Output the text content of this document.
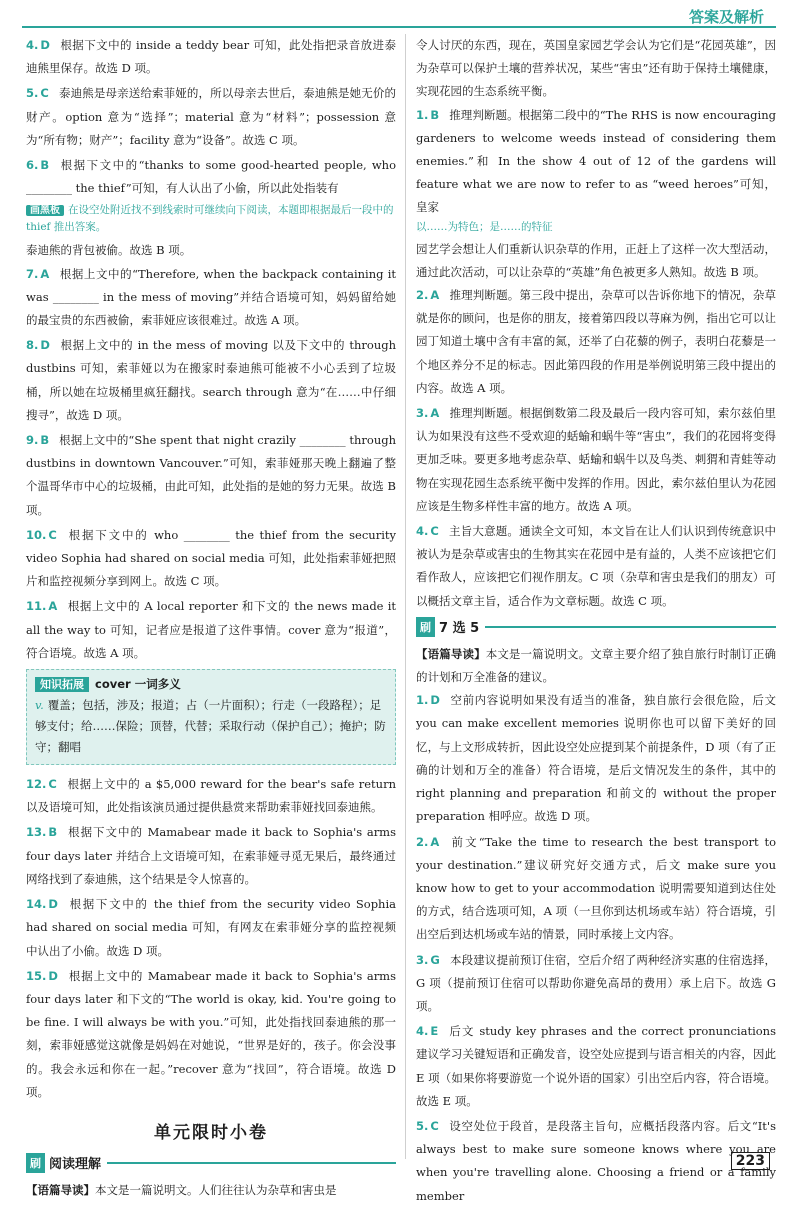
答案及解析
4. D 根据下文中的 inside a teddy bear 可知，此处指把录音放进泰迪熊里保存。故选 D 项。
5. C 泰迪熊是母亲送给索菲娅的，所以母亲去世后，泰迪熊是她无价的财产。option 意为“选择”；material 意为“材料”；possession 意为“所有物；财产”；facility 意为“设备”。故选 C 项。
6. B 根据下文中的“thanks to some good-hearted people, who ________ the thief”可知，有人认出了小偷，所以此处指装有
画黑板 在设空处附近找不到线索时可继续向下阅读，本题即根据最后一段中的 thief 推出答案。
泰迪熊的背包被偷。故选 B 项。
7. A 根据上文中的“Therefore, when the backpack containing it was ________ in the mess of moving”并结合语境可知，妈妈留给她的最宝贵的东西被偷，索菲娅应该很难过。故选 A 项。
8. D 根据上文中的 in the mess of moving 以及下文中的 through dustbins 可知，索菲娅以为在搬家时泰迪熊可能被不小心丢到了垃圾桶，所以她在垃圾桶里疯狂翻找。search through 意为“在……中仔细搜寻”，故选 D 项。
9. B 根据上文中的“She spent that night crazily ________ through dustbins in downtown Vancouver.”可知，索菲娅那天晚上翻遍了整个温哥华市中心的垃圾桶，由此可知，此处指的是她的努力无果。故选 B 项。
10. C 根据下文中的 who ________ the thief from the security video Sophia had shared on social media 可知，此处指索菲娅把照片和监控视频分享到网上。故选 C 项。
11. A 根据上文中的 A local reporter 和下文的 the news made it all the way to 可知，记者应是报道了这件事情。cover 意为“报道”，符合语境。故选 A 项。
知识拓展 cover 一词多义
v. 覆盖；包括，涉及；报道；占（一片面积）；行走（一段路程）；足够支付；给……保险；顶替，代替；采取行动（保护自己）；掩护；防守；翻唱
12. C 根据上文中的 a $5,000 reward for the bear's safe return 以及语境可知，此处指该演员通过提供悬赏来帮助索菲娅找回泰迪熊。
13. B 根据下文中的 Mamabear made it back to Sophia's arms four days later 并结合上文语境可知，在索菲娅寻觅无果后，最终通过网络找到了泰迪熊，这个结果是令人惊喜的。
14. D 根据下文中的 the thief from the security video Sophia had shared on social media 可知，有网友在索菲娅分享的监控视频中认出了小偷。故选 D 项。
15. D 根据上文中的 Mamabear made it back to Sophia's arms four days later 和下文的“The world is okay, kid. You're going to be fine. I will always be with you.”可知，此处指找回泰迪熊的那一刻，索菲娅感觉这就像是妈妈在对她说，“世界是好的，孩子。你会没事的。我会永远和你在一起。”recover 意为“找回”，符合语境。故选 D 项。
单元限时小卷
刷 阅读理解
【语篇导读】本文是一篇说明文。人们往往认为杂草和害虫是
令人讨厌的东西，现在，英国皇家园艺学会认为它们是“花园英雄”，因为杂草可以保护土壤的营养状况，某些“害虫”还有助于保持土壤健康，实现花园的生态系统平衡。
1. B 推理判断题。根据第二段中的“The RHS is now encouraging gardeners to welcome weeds instead of considering them enemies.”和 In the show 4 out of 12 of the gardens will feature what we are now to refer to as “weed heroes”可知，皇家
以……为特色；是……的特征
园艺学会想让人们重新认识杂草的作用，正赶上了这样一次大型活动，通过此次活动，可以让杂草的“英雄”角色被更多人熟知。故选 B 项。
2. A 推理判断题。第三段中提出，杂草可以告诉你地下的情况，杂草就是你的顾问，也是你的朋友，接着第四段以荨麻为例，指出它可以让园丁知道土壤中含有丰富的氮，还举了白花藜的例子，表明白花藜是一个地区养分不足的标志。因此第四段的作用是举例说明第三段中提出的内容。故选 A 项。
3. A 推理判断题。根据倒数第二段及最后一段内容可知，索尔兹伯里认为如果没有这些不受欢迎的蛞蝓和蜗牛等“害虫”，我们的花园将变得更加乏味。要更多地考虑杂草、蛞蝓和蜗牛以及鸟类、刺猬和青蛙等动物在实现花园生态系统平衡中发挥的作用。因此，索尔兹伯里认为花园应该是生物多样性丰富的地方。故选 A 项。
4. C 主旨大意题。通读全文可知，本文旨在让人们认识到传统意识中被认为是杂草或害虫的生物其实在花园中是有益的，人类不应该把它们看作敌人，应该把它们视作朋友。C 项（杂草和害虫是我们的朋友）可以概括文章主旨，适合作为文章标题。故选 C 项。
刷 7 选 5
【语篇导读】本文是一篇说明文。文章主要介绍了独自旅行时制订正确的计划和万全准备的建议。
1. D 空前内容说明如果没有适当的准备，独自旅行会很危险，后文 you can make excellent memories 说明你也可以留下美好的回忆，与上文形成转折，因此设空处应提到某个前提条件，D 项（有了正确的计划和万全的准备）符合语境，是后文情况发生的条件，其中的 right planning and preparation 和前文的 without the proper preparation 相呼应。故选 D 项。
2. A 前文“Take the time to research the best transport to your destination.”建议研究好交通方式，后文 make sure you know how to get to your accommodation 说明需要知道到达住处的方式，结合选项可知，A 项（一旦你到达机场或车站）符合语境，引出空后到达机场或车站的情景，同时承接上文内容。
3. G 本段建议提前预订住宿，空后介绍了两种经济实惠的住宿选择，G 项（提前预订住宿可以帮助你避免高昂的费用）承上启下。故选 G 项。
4. E 后文 study key phrases and the correct pronunciations 建议学习关键短语和正确发音，设空处应提到与语言相关的内容，因此 E 项（如果你将要游览一个说外语的国家）引出空后内容，符合语境。故选 E 项。
5. C 设空处位于段首，是段落主旨句，应概括段落内容。后文“It's always best to make sure someone knows where you are when you're travelling alone. Choosing a friend or a family member
223
